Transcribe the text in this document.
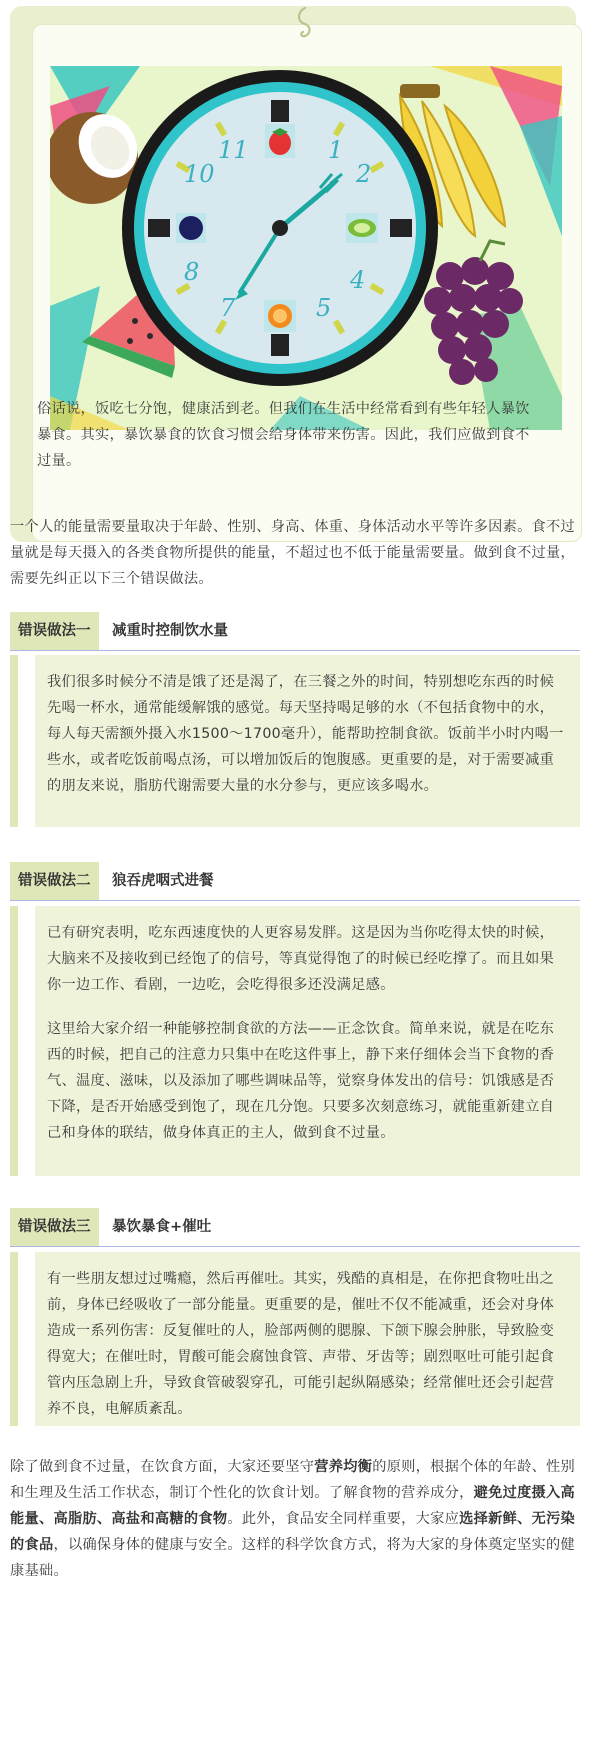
11	1
2
10
4
8
7	5

俗话说，饭吃七分饱，健康活到老。但我们在生活中经常看到有些年轻人暴饮暴食。其实，暴饮暴食的饮食习惯会给身体带来伤害。因此，我们应做到食不过量。

一个人的能量需要量取决于年龄、性别、身高、体重、身体活动水平等许多因素。食不过量就是每天摄入的各类食物所提供的能量，不超过也不低于能量需要量。做到食不过量，需要先纠正以下三个错误做法。

错误做法一	减重时控制饮水量

我们很多时候分不清是饿了还是渴了，在三餐之外的时间，特别想吃东西的时候先喝一杯水，通常能缓解饿的感觉。每天坚持喝足够的水（不包括食物中的水，每人每天需额外摄入水1500～1700毫升），能帮助控制食欲。饭前半小时内喝一些水，或者吃饭前喝点汤，可以增加饭后的饱腹感。更重要的是，对于需要减重的朋友来说，脂肪代谢需要大量的水分参与，更应该多喝水。

错误做法二	狼吞虎咽式进餐

已有研究表明，吃东西速度快的人更容易发胖。这是因为当你吃得太快的时候，大脑来不及接收到已经饱了的信号，等真觉得饱了的时候已经吃撑了。而且如果你一边工作、看剧，一边吃，会吃得很多还没满足感。

这里给大家介绍一种能够控制食欲的方法——正念饮食。简单来说，就是在吃东西的时候，把自己的注意力只集中在吃这件事上，静下来仔细体会当下食物的香气、温度、滋味，以及添加了哪些调味品等，觉察身体发出的信号：饥饿感是否下降，是否开始感受到饱了，现在几分饱。只要多次刻意练习，就能重新建立自己和身体的联结，做身体真正的主人，做到食不过量。

错误做法三	暴饮暴食+催吐

有一些朋友想过过嘴瘾，然后再催吐。其实，残酷的真相是，在你把食物吐出之前，身体已经吸收了一部分能量。更重要的是，催吐不仅不能减重，还会对身体造成一系列伤害：反复催吐的人，脸部两侧的腮腺、下颌下腺会肿胀，导致脸变得宽大；在催吐时，胃酸可能会腐蚀食管、声带、牙齿等；剧烈呕吐可能引起食管内压急剧上升，导致食管破裂穿孔，可能引起纵隔感染；经常催吐还会引起营养不良，电解质紊乱。

除了做到食不过量，在饮食方面，大家还要坚守营养均衡的原则，根据个体的年龄、性别和生理及生活工作状态，制订个性化的饮食计划。了解食物的营养成分，避免过度摄入高能量、高脂肪、高盐和高糖的食物。此外，食品安全同样重要，大家应选择新鲜、无污染的食品，以确保身体的健康与安全。这样的科学饮食方式，将为大家的身体奠定坚实的健康基础。
